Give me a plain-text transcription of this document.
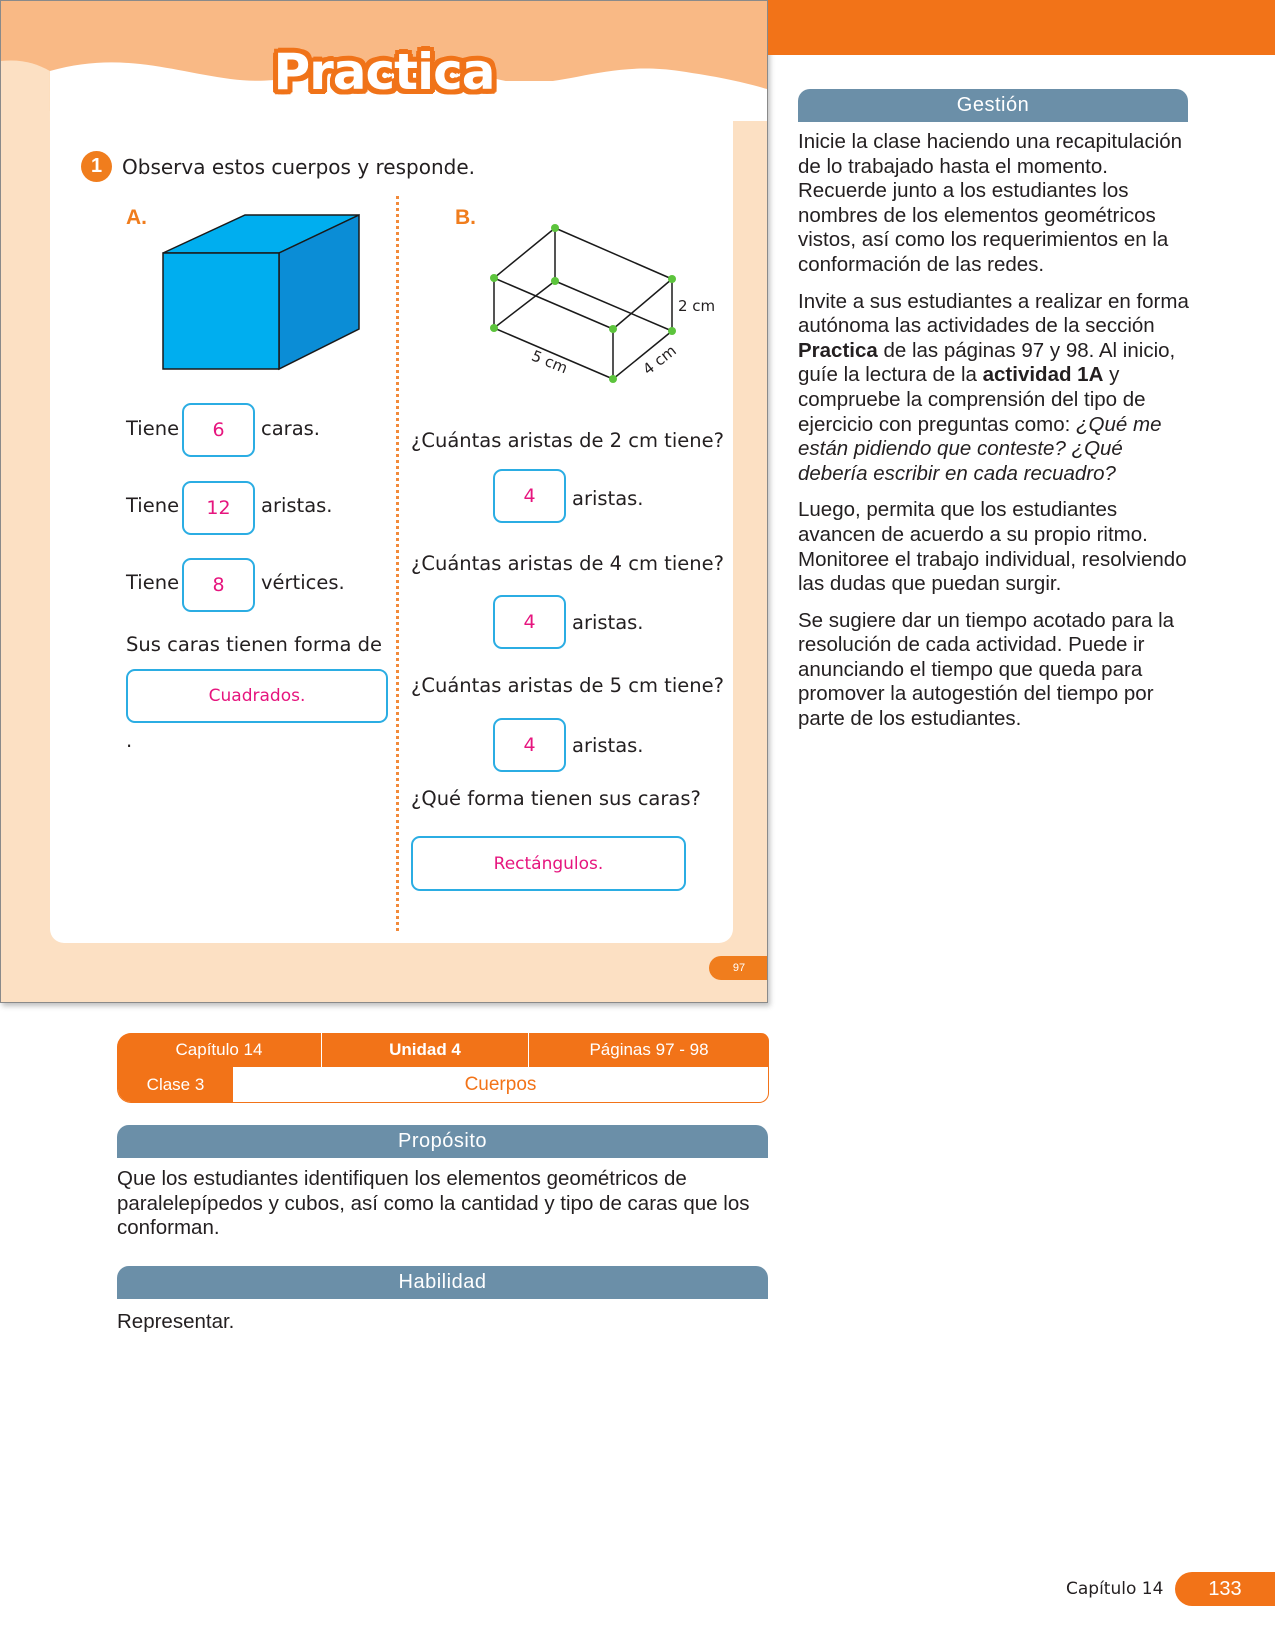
Practica
1 Observa estos cuerpos y responde.
A.
Tiene	6	caras.
Tiene	12	aristas.
Tiene	8	vértices.
Sus caras tienen forma de
Cuadrados.
.
B.
2 cm
5 cm	4 cm
¿Cuántas aristas de 2 cm tiene?
4	aristas.
¿Cuántas aristas de 4 cm tiene?
4	aristas.
¿Cuántas aristas de 5 cm tiene?
4	aristas.
¿Qué forma tienen sus caras?
Rectángulos.
97
Gestión

Inicie la clase haciendo una recapitulación de lo trabajado hasta el momento. Recuerde junto a los estudiantes los nombres de los elementos geométricos vistos, así como los requerimientos en la conformación de las redes.

Invite a sus estudiantes a realizar en forma autónoma las actividades de la sección Practica de las páginas 97 y 98. Al inicio, guíe la lectura de la actividad 1A y compruebe la comprensión del tipo de ejercicio con preguntas como: ¿Qué me están pidiendo que conteste? ¿Qué debería escribir en cada recuadro?

Luego, permita que los estudiantes avancen de acuerdo a su propio ritmo. Monitoree el trabajo individual, resolviendo las dudas que puedan surgir.

Se sugiere dar un tiempo acotado para la resolución de cada actividad. Puede ir anunciando el tiempo que queda para promover la autogestión del tiempo por parte de los estudiantes.

Capítulo 14	Unidad 4	Páginas 97 - 98
Clase 3	Cuerpos
Propósito
Que los estudiantes identifiquen los elementos geométricos de paralelepípedos y cubos, así como la cantidad y tipo de caras que los conforman.
Habilidad
Representar.
Capítulo 14	133
